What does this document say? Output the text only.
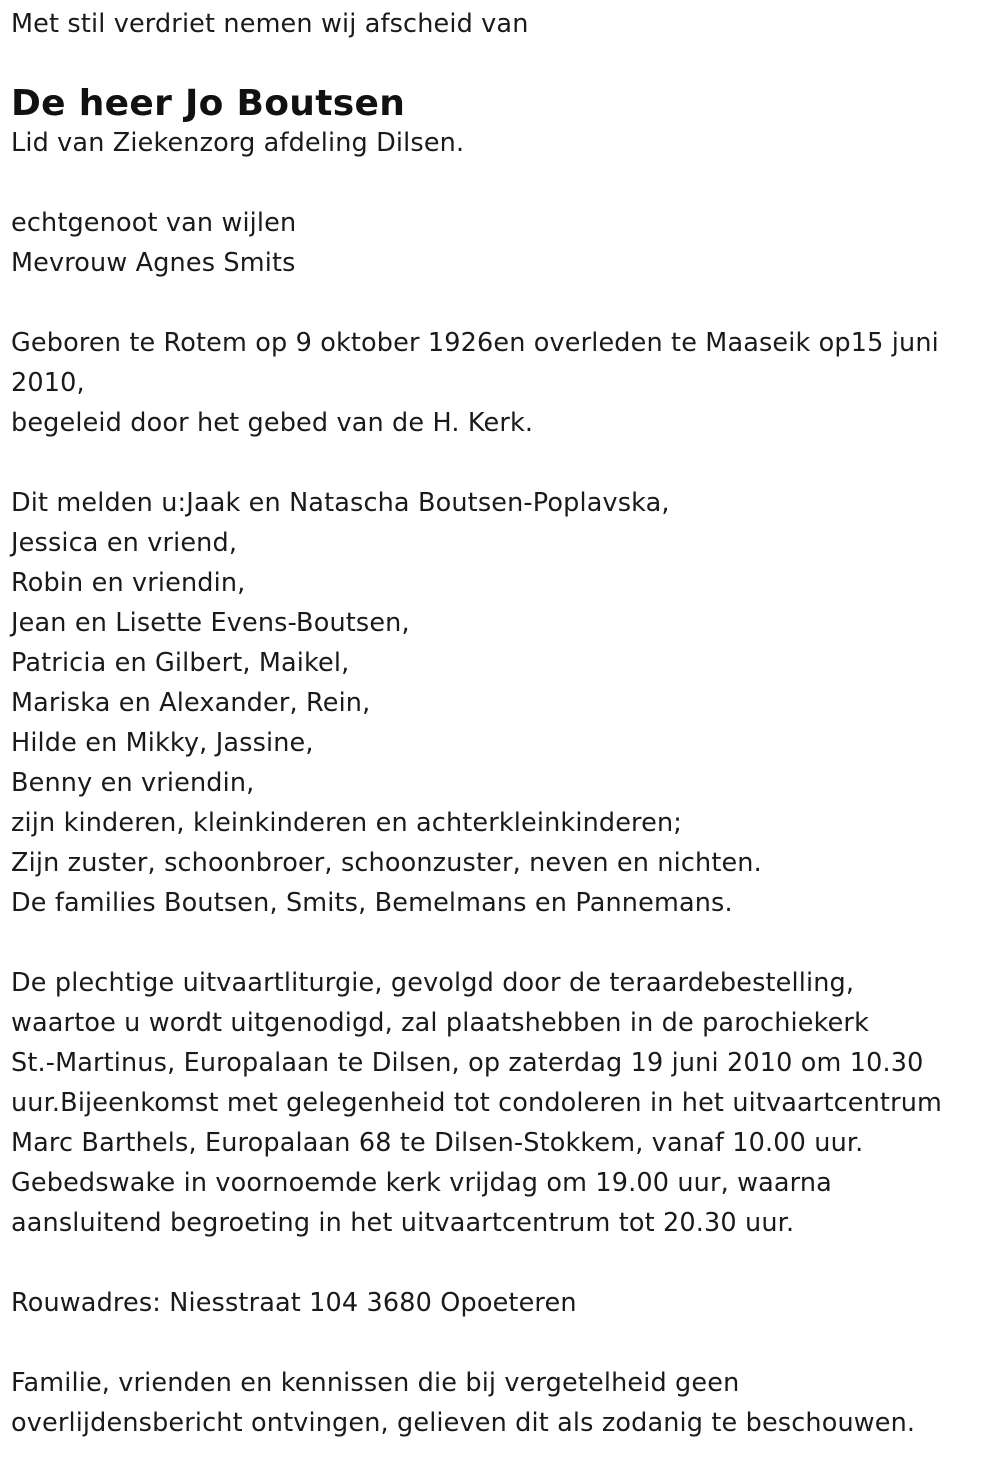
Met stil verdriet nemen wij afscheid van
De heer Jo Boutsen
Lid van Ziekenzorg afdeling Dilsen.
echtgenoot van wijlen
Mevrouw Agnes Smits
Geboren te Rotem op 9 oktober 1926en overleden te Maaseik op15 juni 2010,
begeleid door het gebed van de H. Kerk.
Dit melden u:Jaak en Natascha Boutsen-Poplavska,
Jessica en vriend,
Robin en vriendin,
Jean en Lisette Evens-Boutsen,
Patricia en Gilbert, Maikel,
Mariska en Alexander, Rein,
Hilde en Mikky, Jassine,
Benny en vriendin,
zijn kinderen, kleinkinderen en achterkleinkinderen;
Zijn zuster, schoonbroer, schoonzuster, neven en nichten.
De families Boutsen, Smits, Bemelmans en Pannemans.
De plechtige uitvaartliturgie, gevolgd door de teraardebestelling,
waartoe u wordt uitgenodigd, zal plaatshebben in de parochiekerk
St.-Martinus, Europalaan te Dilsen, op zaterdag 19 juni 2010 om 10.30
uur.Bijeenkomst met gelegenheid tot condoleren in het uitvaartcentrum
Marc Barthels, Europalaan 68 te Dilsen-Stokkem, vanaf 10.00 uur.
Gebedswake in voornoemde kerk vrijdag om 19.00 uur, waarna
aansluitend begroeting in het uitvaartcentrum tot 20.30 uur.
Rouwadres: Niesstraat 104 3680 Opoeteren
Familie, vrienden en kennissen die bij vergetelheid geen
overlijdensbericht ontvingen, gelieven dit als zodanig te beschouwen.
